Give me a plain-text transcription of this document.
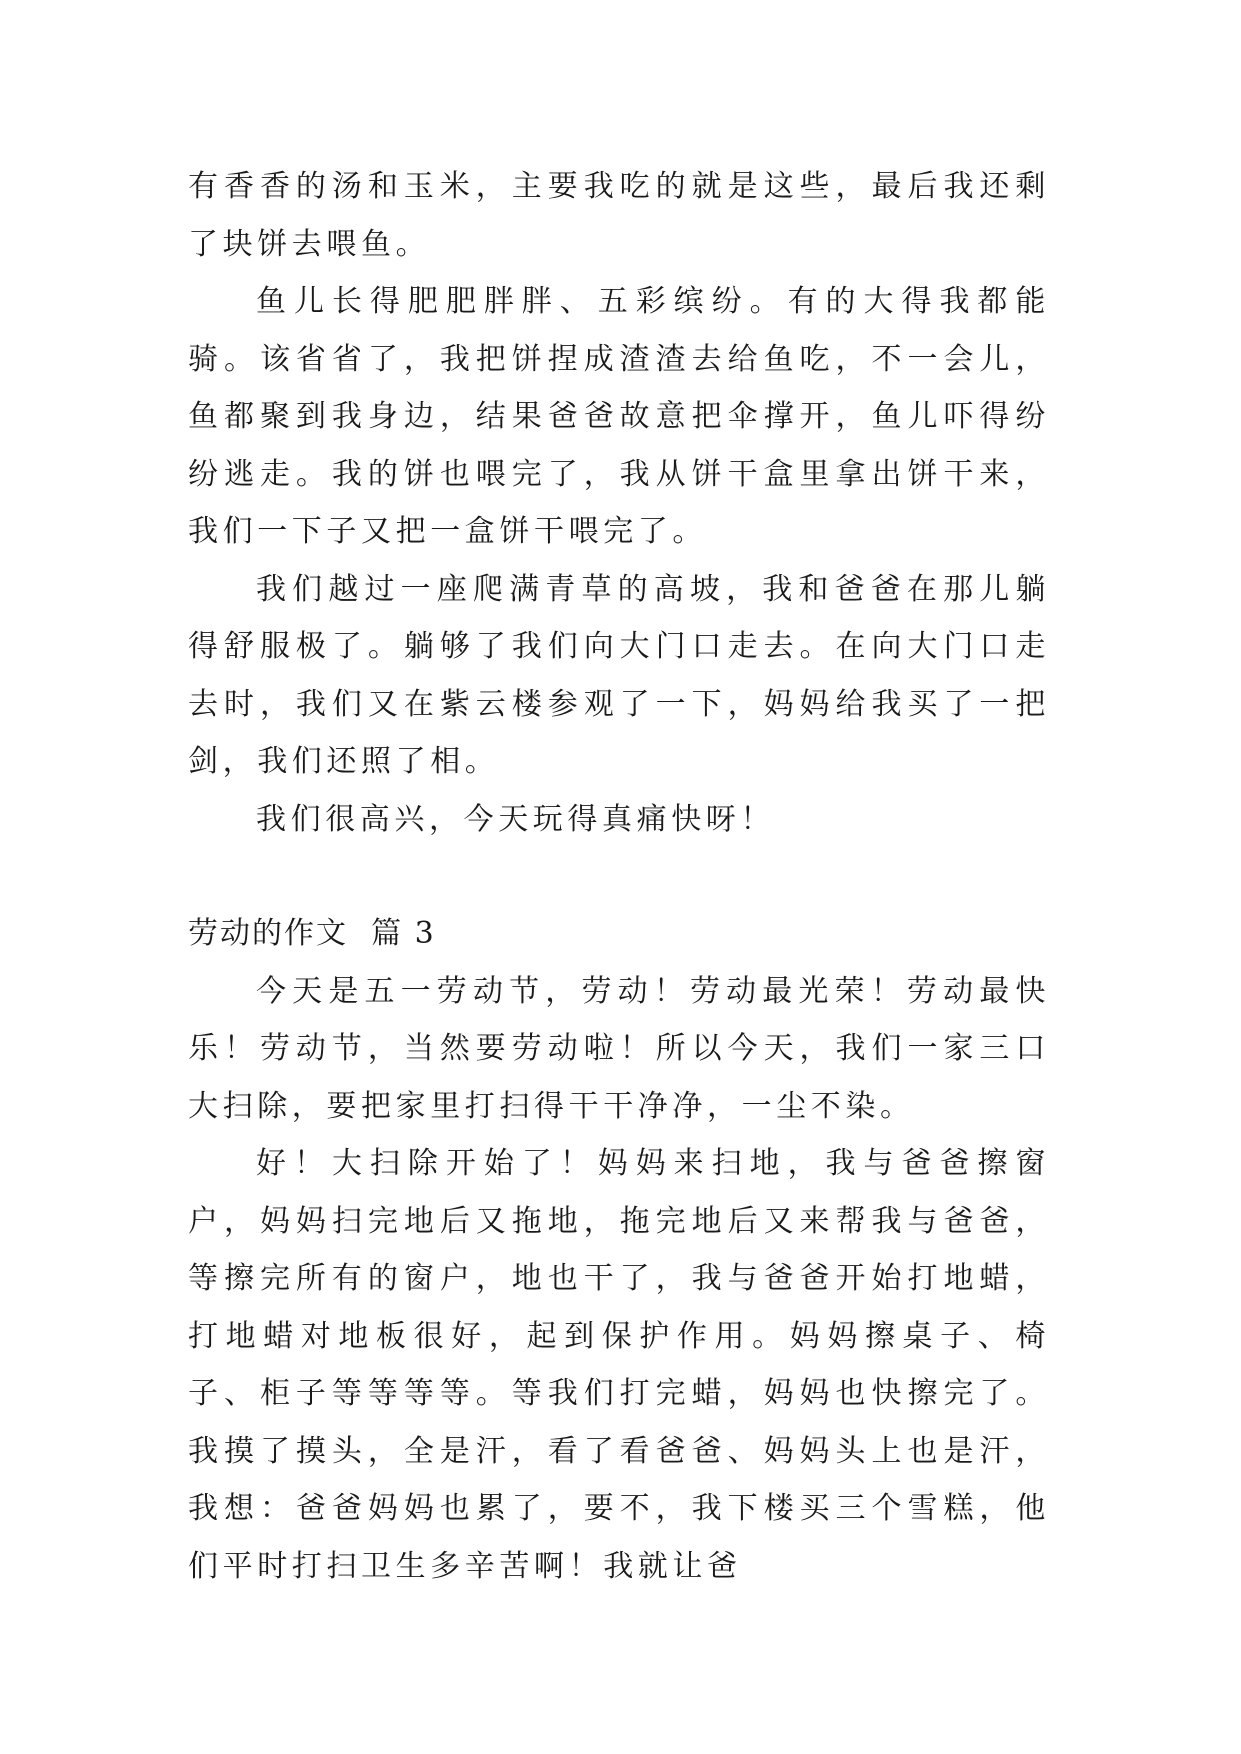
有香香的汤和玉米，主要我吃的就是这些，最后我还剩了块饼去喂鱼。

鱼儿长得肥肥胖胖、五彩缤纷。有的大得我都能骑。该省省了，我把饼捏成渣渣去给鱼吃，不一会儿，鱼都聚到我身边，结果爸爸故意把伞撑开，鱼儿吓得纷纷逃走。我的饼也喂完了，我从饼干盒里拿出饼干来，我们一下子又把一盒饼干喂完了。

我们越过一座爬满青草的高坡，我和爸爸在那儿躺得舒服极了。躺够了我们向大门口走去。在向大门口走去时，我们又在紫云楼参观了一下，妈妈给我买了一把剑，我们还照了相。

我们很高兴，今天玩得真痛快呀！

劳动的作文  篇 3

今天是五一劳动节，劳动！劳动最光荣！劳动最快乐！劳动节，当然要劳动啦！所以今天，我们一家三口大扫除，要把家里打扫得干干净净，一尘不染。

好！大扫除开始了！妈妈来扫地，我与爸爸擦窗户，妈妈扫完地后又拖地，拖完地后又来帮我与爸爸，等擦完所有的窗户，地也干了，我与爸爸开始打地蜡，打地蜡对地板很好，起到保护作用。妈妈擦桌子、椅子、柜子等等等等。等我们打完蜡，妈妈也快擦完了。我摸了摸头，全是汗，看了看爸爸、妈妈头上也是汗，我想：爸爸妈妈也累了，要不，我下楼买三个雪糕，他们平时打扫卫生多辛苦啊！我就让爸
